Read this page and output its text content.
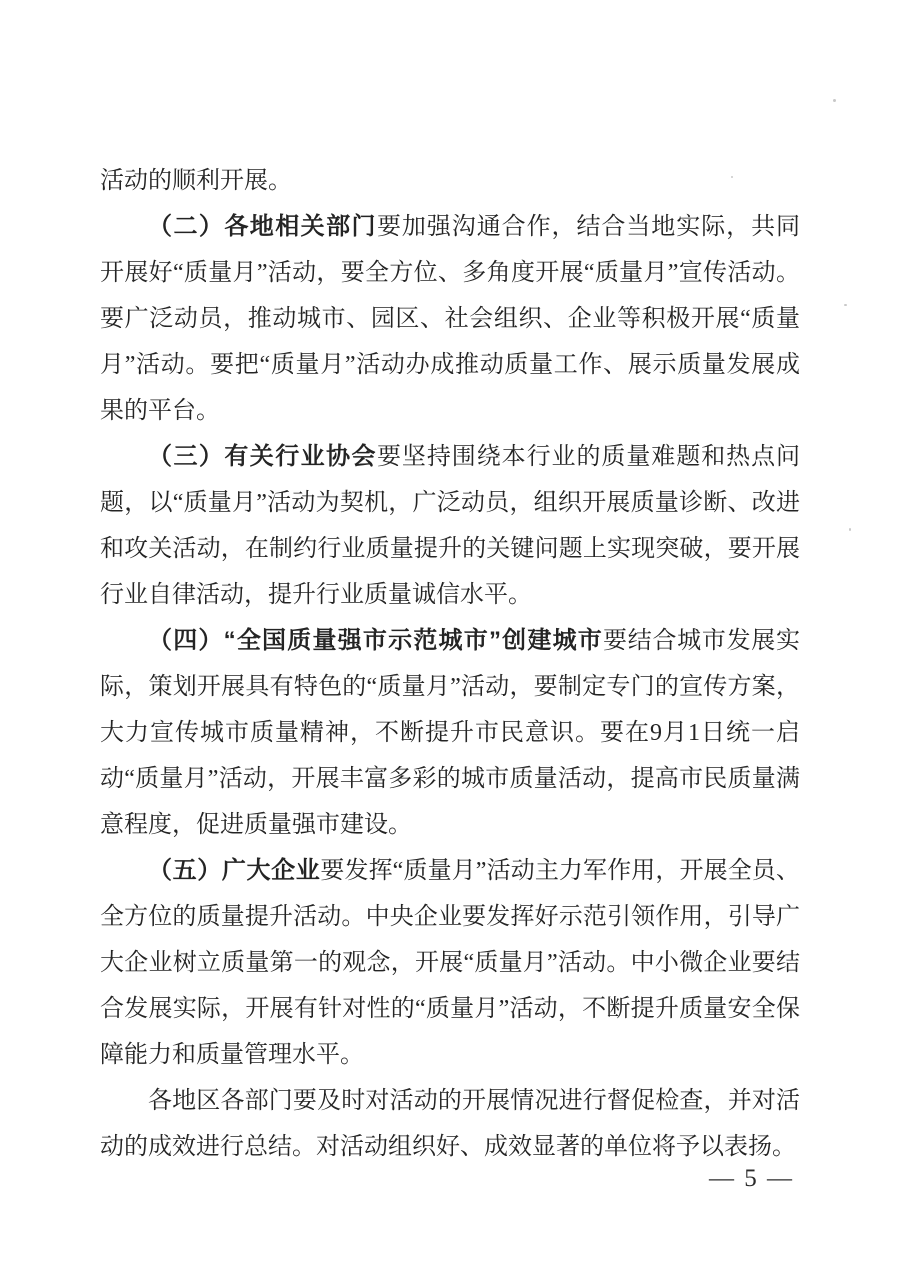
活动的顺利开展。

（二）各地相关部门要加强沟通合作，结合当地实际，共同开展好“质量月”活动，要全方位、多角度开展“质量月”宣传活动。要广泛动员，推动城市、园区、社会组织、企业等积极开展“质量月”活动。要把“质量月”活动办成推动质量工作、展示质量发展成果的平台。

（三）有关行业协会要坚持围绕本行业的质量难题和热点问题，以“质量月”活动为契机，广泛动员，组织开展质量诊断、改进和攻关活动，在制约行业质量提升的关键问题上实现突破，要开展行业自律活动，提升行业质量诚信水平。

（四）“全国质量强市示范城市”创建城市要结合城市发展实际，策划开展具有特色的“质量月”活动，要制定专门的宣传方案，大力宣传城市质量精神，不断提升市民意识。要在9月1日统一启动“质量月”活动，开展丰富多彩的城市质量活动，提高市民质量满意程度，促进质量强市建设。

（五）广大企业要发挥“质量月”活动主力军作用，开展全员、全方位的质量提升活动。中央企业要发挥好示范引领作用，引导广大企业树立质量第一的观念，开展“质量月”活动。中小微企业要结合发展实际，开展有针对性的“质量月”活动，不断提升质量安全保障能力和质量管理水平。

各地区各部门要及时对活动的开展情况进行督促检查，并对活动的成效进行总结。对活动组织好、成效显著的单位将予以表扬。

— 5 —
